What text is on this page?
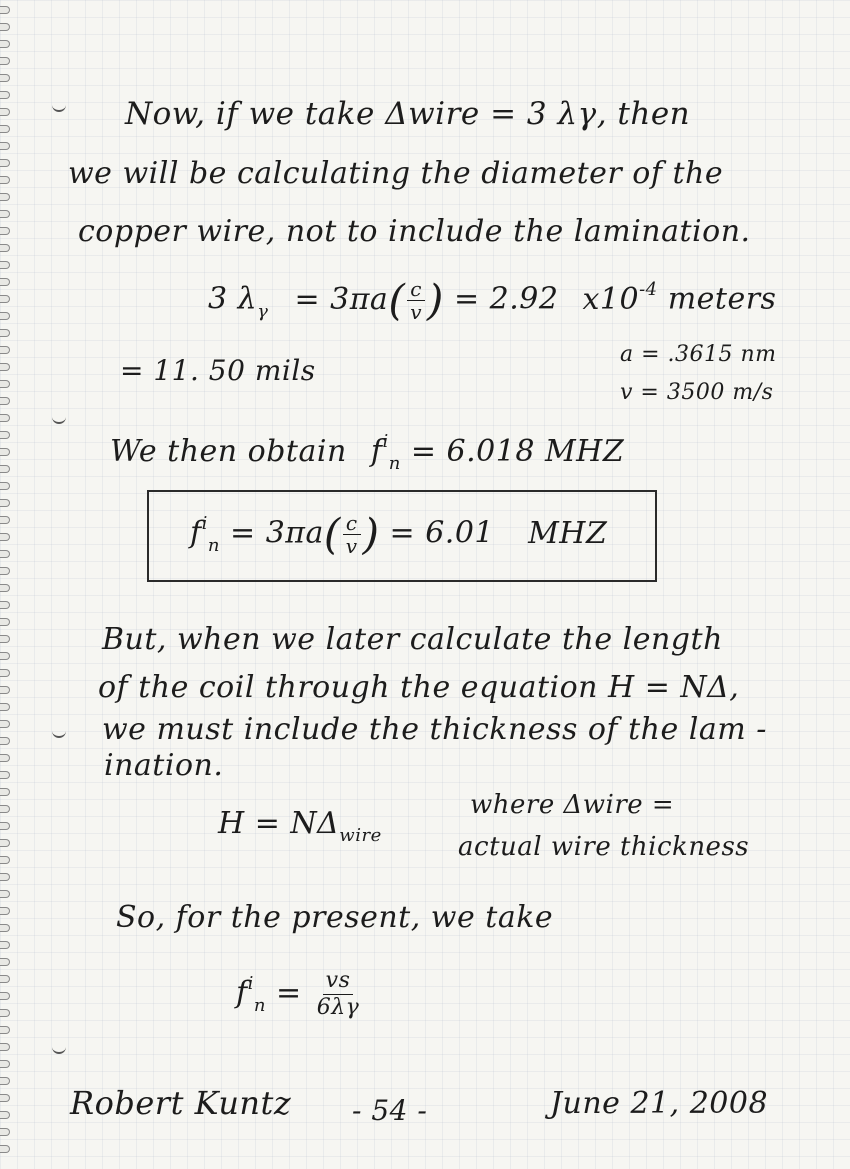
Now, if we take Δwire = 3 λγ, then
we will be calculating the diameter of the
copper wire, not to include the lamination.
3 $\lambda_\gamma = 3\pi a( \frac{c}{v}$ ) = 2.92 $x10^{-4}$ meters
= 11. 50 mils	a = .3615 nm
v = 3500 m/s
We then obtain $f^i_n = 6.018$ MHZ
$f^i_n = 3\pi a( \frac{c}{v}$ ) = 6.01 MHZ
But, when we later calculate the length
of the coil through the equation H = NΔ,
we must include the thickness of the lam -
ination.
$H = N\Delta_{wire}$
where Δwire =
actual wire thickness
So, for the present, we take
$f^i_n = \frac{vs}{6\lambda\gamma}$
Robert Kuntz - 54 -	June 21, 2008
